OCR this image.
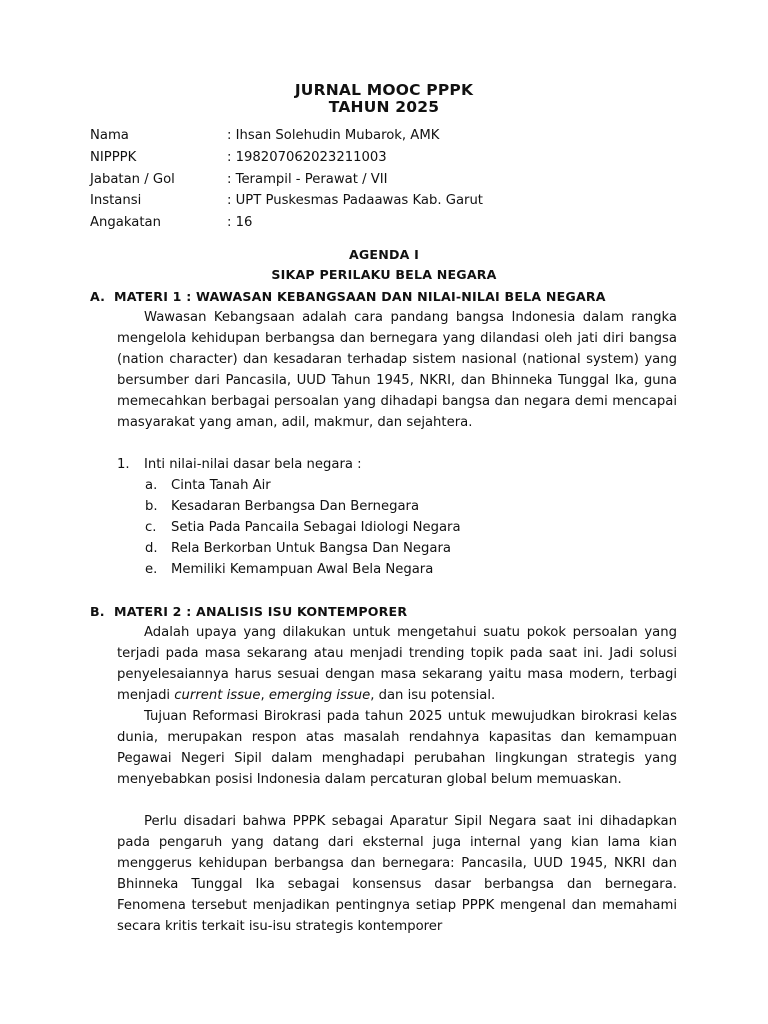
JURNAL MOOC PPPK
TAHUN 2025
Nama	: Ihsan Solehudin Mubarok, AMK
NIPPPK	: 198207062023211003
Jabatan / Gol	: Terampil - Perawat / VII
Instansi	: UPT Puskesmas Padaawas Kab. Garut
Angakatan	: 16
AGENDA I
SIKAP PERILAKU BELA NEGARA
A. MATERI 1 : WAWASAN KEBANGSAAN DAN NILAI-NILAI BELA NEGARA

Wawasan Kebangsaan adalah cara pandang bangsa Indonesia dalam rangka mengelola kehidupan berbangsa dan bernegara yang dilandasi oleh jati diri bangsa (nation character) dan kesadaran terhadap sistem nasional (national system) yang bersumber dari Pancasila, UUD Tahun 1945, NKRI, dan Bhinneka Tunggal Ika, guna memecahkan berbagai persoalan yang dihadapi bangsa dan negara demi mencapai masyarakat yang aman, adil, makmur, dan sejahtera.

1. Inti nilai-nilai dasar bela negara :
a. Cinta Tanah Air
b. Kesadaran Berbangsa Dan Bernegara
c. Setia Pada Pancaila Sebagai Idiologi Negara
d. Rela Berkorban Untuk Bangsa Dan Negara
e. Memiliki Kemampuan Awal Bela Negara
B. MATERI 2 : ANALISIS ISU KONTEMPORER

Adalah upaya yang dilakukan untuk mengetahui suatu pokok persoalan yang terjadi pada masa sekarang atau menjadi trending topik pada saat ini. Jadi solusi penyelesaiannya harus sesuai dengan masa sekarang yaitu masa modern, terbagi menjadi current issue, emerging issue, dan isu potensial.

Tujuan Reformasi Birokrasi pada tahun 2025 untuk mewujudkan birokrasi kelas dunia, merupakan respon atas masalah rendahnya kapasitas dan kemampuan Pegawai Negeri Sipil dalam menghadapi perubahan lingkungan strategis yang menyebabkan posisi Indonesia dalam percaturan global belum memuaskan.

Perlu disadari bahwa PPPK sebagai Aparatur Sipil Negara saat ini dihadapkan pada pengaruh yang datang dari eksternal juga internal yang kian lama kian menggerus kehidupan berbangsa dan bernegara: Pancasila, UUD 1945, NKRI dan Bhinneka Tunggal Ika sebagai konsensus dasar berbangsa dan bernegara. Fenomena tersebut menjadikan pentingnya setiap PPPK mengenal dan memahami secara kritis terkait isu-isu strategis kontemporer
